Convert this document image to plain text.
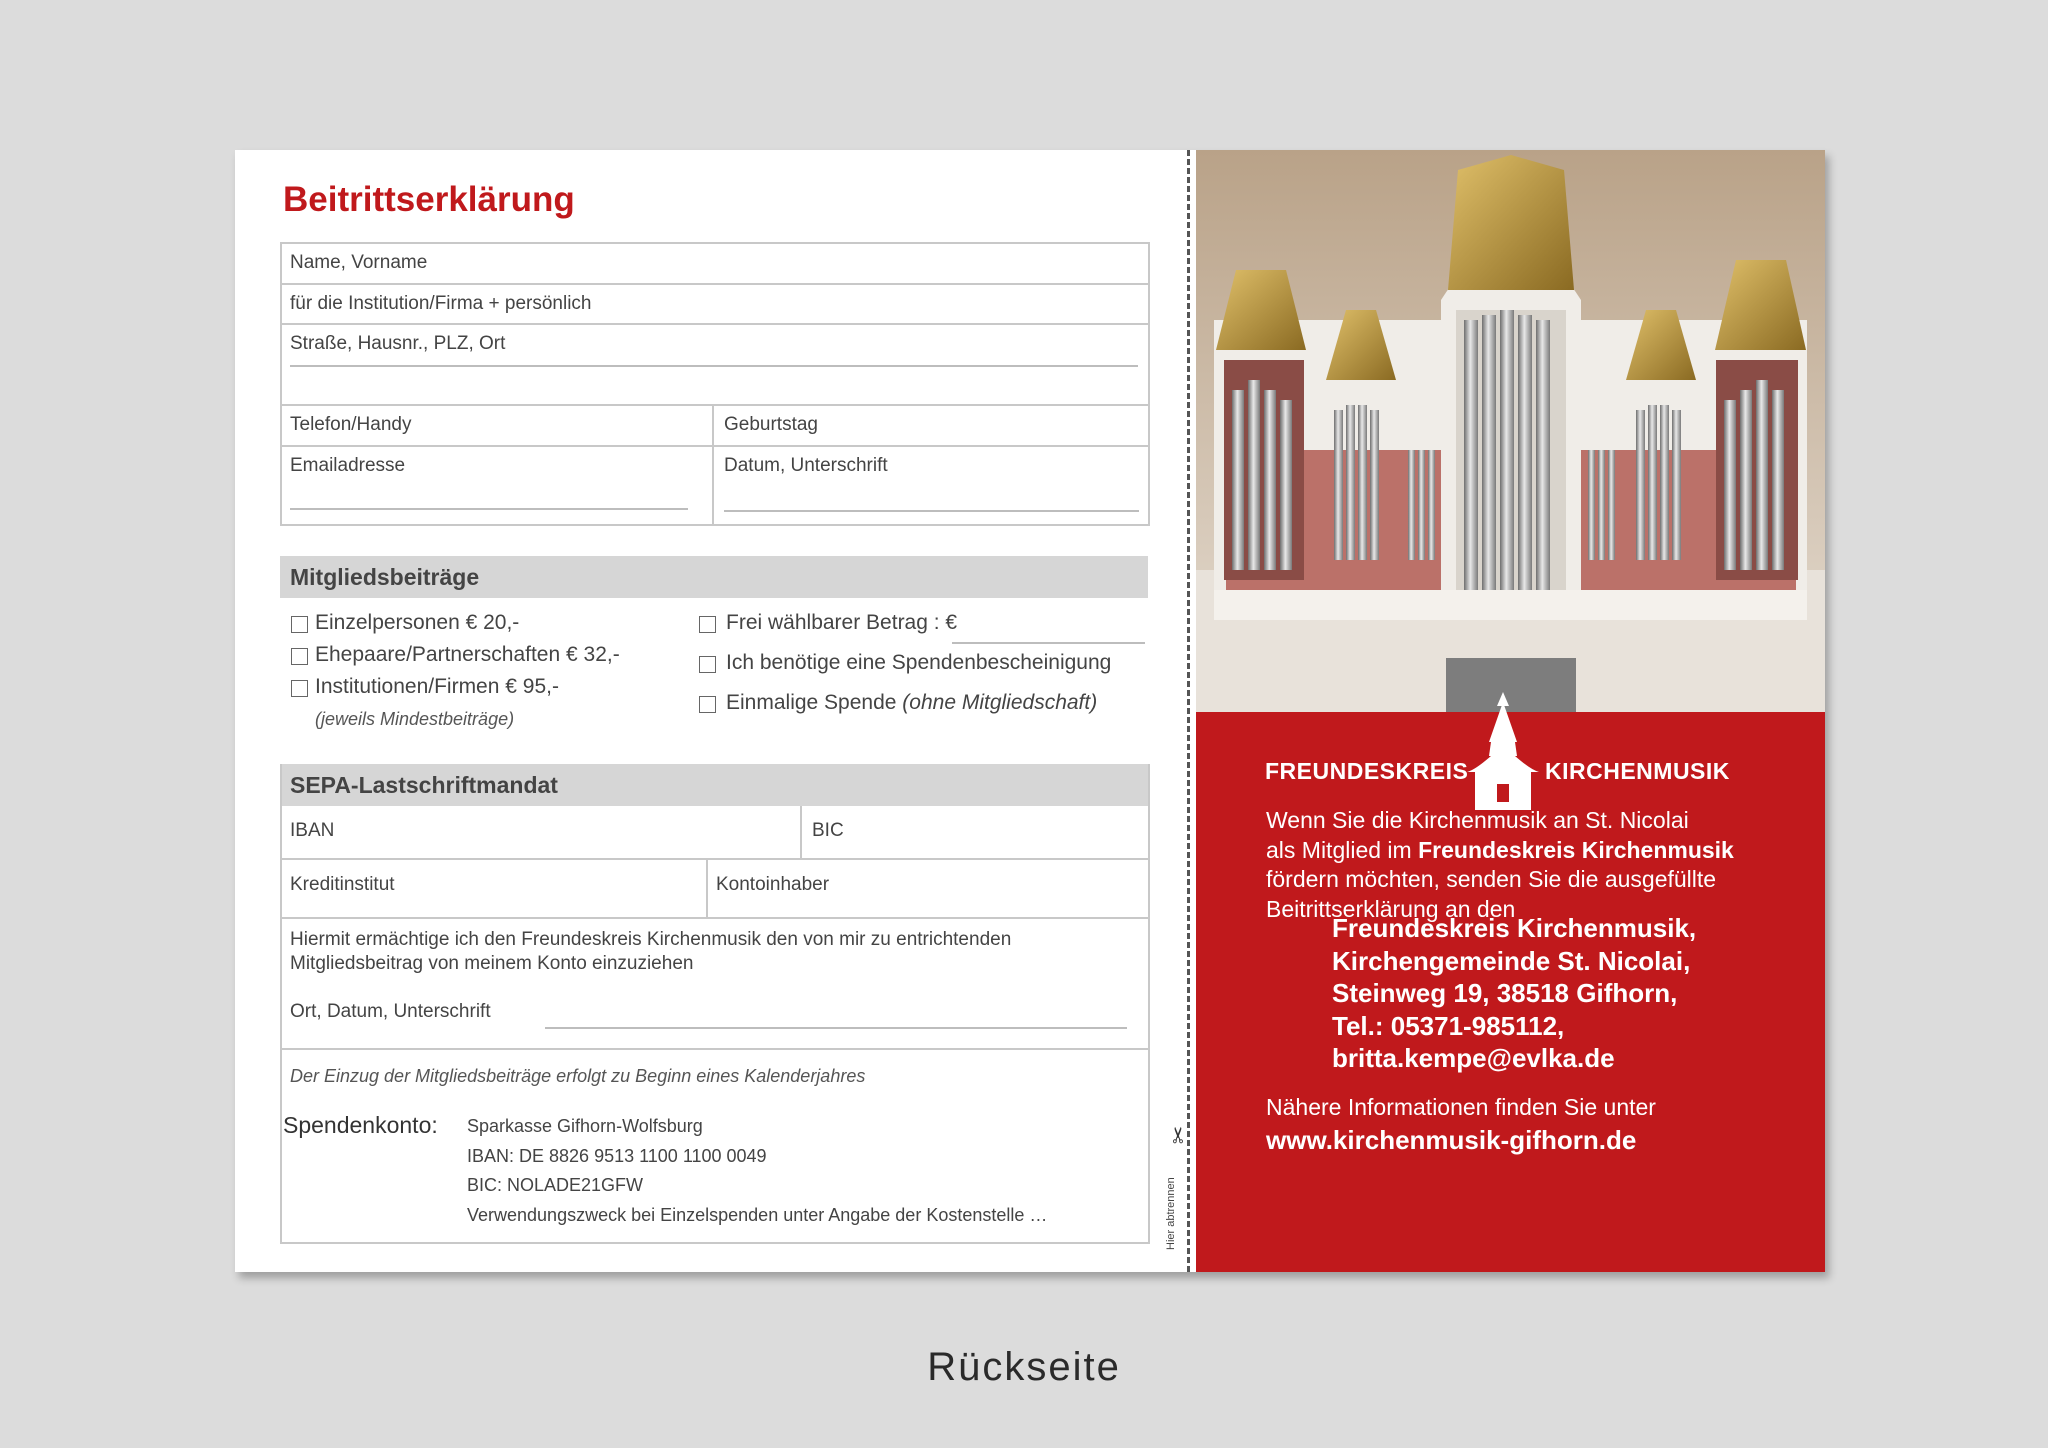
Beitrittserklärung
Name, Vorname
für die Institution/Firma + persönlich
Straße, Hausnr., PLZ, Ort
Telefon/Handy	Geburtstag
Emailadresse	Datum, Unterschrift
Mitgliedsbeiträge
Einzelpersonen € 20,-
Ehepaare/Partnerschaften € 32,-
Institutionen/Firmen € 95,-
(jeweils Mindestbeiträge)
Frei wählbarer Betrag : €
Ich benötige eine Spendenbescheinigung
Einmalige Spende (ohne Mitgliedschaft)
SEPA-Lastschriftmandat
IBAN	BIC
Kreditinstitut	Kontoinhaber
Hiermit ermächtige ich den Freundeskreis Kirchenmusik den von mir zu entrichtenden
Mitgliedsbeitrag von meinem Konto einzuziehen
Ort, Datum, Unterschrift
Der Einzug der Mitgliedsbeiträge erfolgt zu Beginn eines Kalenderjahres
Spendenkonto: Sparkasse Gifhorn-Wolfsburg
IBAN: DE 8826 9513 1100 1100 0049
BIC: NOLADE21GFW
Verwendungszweck bei Einzelspenden unter Angabe der Kostenstelle …
✂
Hier abtrennen
FREUNDESKREIS	KIRCHENMUSIK
Wenn Sie die Kirchenmusik an St. Nicolai
als Mitglied im Freundeskreis Kirchenmusik
fördern möchten, senden Sie die ausgefüllte
Beitrittserklärung an den
Freundeskreis Kirchenmusik,
Kirchengemeinde St. Nicolai,
Steinweg 19, 38518 Gifhorn,
Tel.: 05371-985112,
britta.kempe@evlka.de
Nähere Informationen finden Sie unter
www.kirchenmusik-gifhorn.de
Rückseite
